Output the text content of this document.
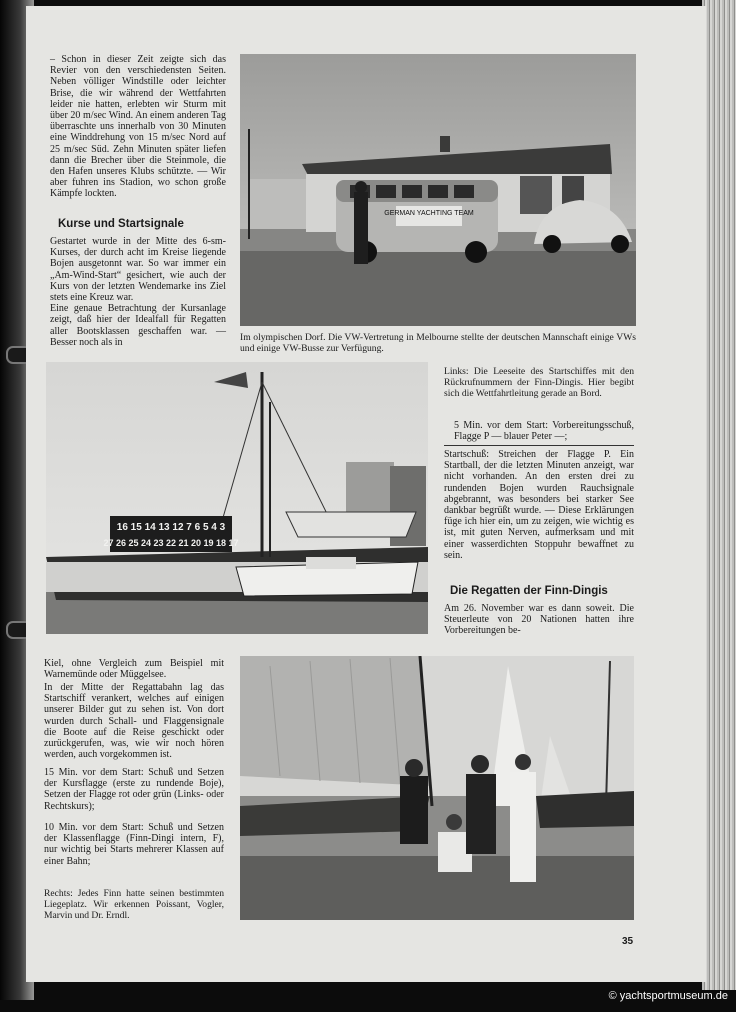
– Schon in dieser Zeit zeigte sich das Revier von den verschiedensten Seiten. Neben völliger Windstille oder leichter Brise, die wir während der Wettfahrten leider nie hatten, erlebten wir Sturm mit über 20 m/sec Wind. An einem anderen Tag überraschte uns innerhalb von 30 Minuten eine Winddrehung von 15 m/sec Nord auf 25 m/sec Süd. Zehn Minuten später liefen dann die Brecher über die Steinmole, die den Hafen unseres Klubs schützte. — Wir aber fuhren ins Stadion, wo schon große Kämpfe lockten.

Kurse und Startsignale

Gestartet wurde in der Mitte des 6-sm-Kurses, der durch acht im Kreise liegende Bojen ausgetonnt war. So war immer ein „Am-Wind-Start“ gesichert, wie auch der Kurs von der letzten Wendemarke ins Ziel stets eine Kreuz war.

Eine genaue Betrachtung der Kursanlage zeigt, daß hier der Idealfall für Regatten aller Bootsklassen geschaffen war. — Besser noch als in

GERMAN YACHTING TEAM
Im olympischen Dorf. Die VW-Vertretung in Melbourne stellte der deutschen Mannschaft einige VWs und einige VW-Busse zur Verfügung.
16 15 14 13 12 7 6 5 4 3
27 26 25 24 23 22 21 20 19 18 17
Links: Die Leeseite des Startschiffes mit den Rückrufnummern der Finn-Dingis. Hier begibt sich die Wettfahrtleitung gerade an Bord.
5 Min. vor dem Start: Vorbereitungsschuß, Flagge P — blauer Peter —;
Startschuß: Streichen der Flagge P. Ein Startball, der die letzten Minuten anzeigt, war nicht vorhanden. An den ersten drei zu rundenden Bojen wurden Rauchsignale abgebrannt, was besonders bei starker See dankbar begrüßt wurde. — Diese Erklärungen füge ich hier ein, um zu zeigen, wie wichtig es ist, mit guten Nerven, aufmerksam und mit einer wasserdichten Stoppuhr bewaffnet zu sein.
Die Regatten der Finn-Dingis
Am 26. November war es dann soweit. Die Steuerleute von 20 Nationen hatten ihre Vorbereitungen be-
Kiel, ohne Vergleich zum Beispiel mit Warnemünde oder Müggelsee.
In der Mitte der Regattabahn lag das Startschiff verankert, welches auf einigen unserer Bilder gut zu sehen ist. Von dort wurden durch Schall- und Flaggensignale die Boote auf die Reise geschickt oder zurückgerufen, was, wie wir noch hören werden, auch vorgekommen ist.
15 Min. vor dem Start: Schuß und Setzen der Kursflagge (erste zu rundende Boje), Setzen der Flagge rot oder grün (Links- oder Rechtskurs);
10 Min. vor dem Start: Schuß und Setzen der Klassenflagge (Finn-Dingi intern, F), nur wichtig bei Starts mehrerer Klassen auf einer Bahn;
Rechts: Jedes Finn hatte seinen bestimmten Liegeplatz. Wir erkennen Poissant, Vogler, Marvin und Dr. Erndl.
35
© yachtsportmuseum.de
